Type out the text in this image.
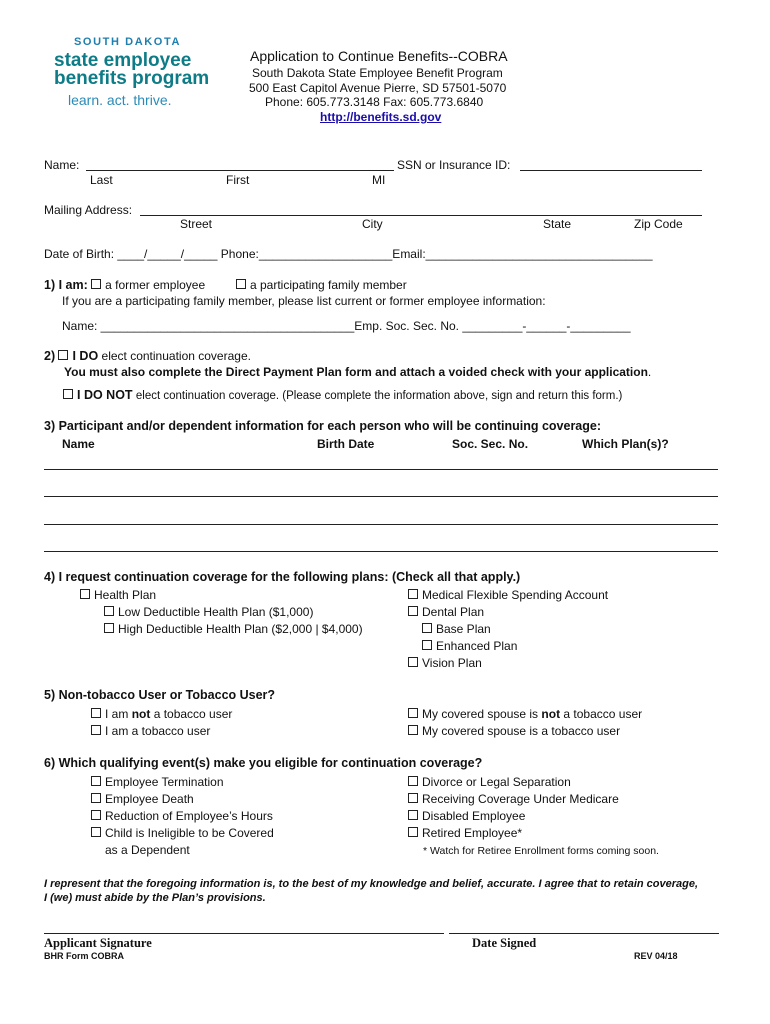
SOUTH DAKOTA
state employee
benefits program
learn. act. thrive.
Application to Continue Benefits--COBRA
South Dakota State Employee Benefit Program
500 East Capitol Avenue Pierre, SD 57501-5070
Phone: 605.773.3148 Fax: 605.773.6840
http://benefits.sd.gov
Name:	SSN or Insurance ID:
Last	First	MI
Mailing Address:
Street	City	State	Zip Code
Date of Birth: ____/_____/_____ Phone:____________________Email:__________________________________
1) I am: a former employee	a participating family member
If you are a participating family member, please list current or former employee information:
Name: ______________________________________Emp. Soc. Sec. No. _________-______-_________
2) I DO elect continuation coverage.
You must also complete the Direct Payment Plan form and attach a voided check with your application.
I DO NOT elect continuation coverage. (Please complete the information above, sign and return this form.)
3) Participant and/or dependent information for each person who will be continuing coverage:
Name	Birth Date	Soc. Sec. No.	Which Plan(s)?
4) I request continuation coverage for the following plans: (Check all that apply.)
Health Plan
Low Deductible Health Plan ($1,000)
High Deductible Health Plan ($2,000 | $4,000)
Medical Flexible Spending Account
Dental Plan
Base Plan
Enhanced Plan
Vision Plan
5) Non-tobacco User or Tobacco User?
I am not a tobacco user
I am a tobacco user
My covered spouse is not a tobacco user
My covered spouse is a tobacco user
6) Which qualifying event(s) make you eligible for continuation coverage?
Employee Termination
Employee Death
Reduction of Employee’s Hours
Child is Ineligible to be Covered
as a Dependent
Divorce or Legal Separation
Receiving Coverage Under Medicare
Disabled Employee
Retired Employee*
* Watch for Retiree Enrollment forms coming soon.
I represent that the foregoing information is, to the best of my knowledge and belief, accurate. I agree that to retain coverage,
I (we) must abide by the Plan’s provisions.
Applicant Signature	Date Signed
BHR Form COBRA	REV 04/18
